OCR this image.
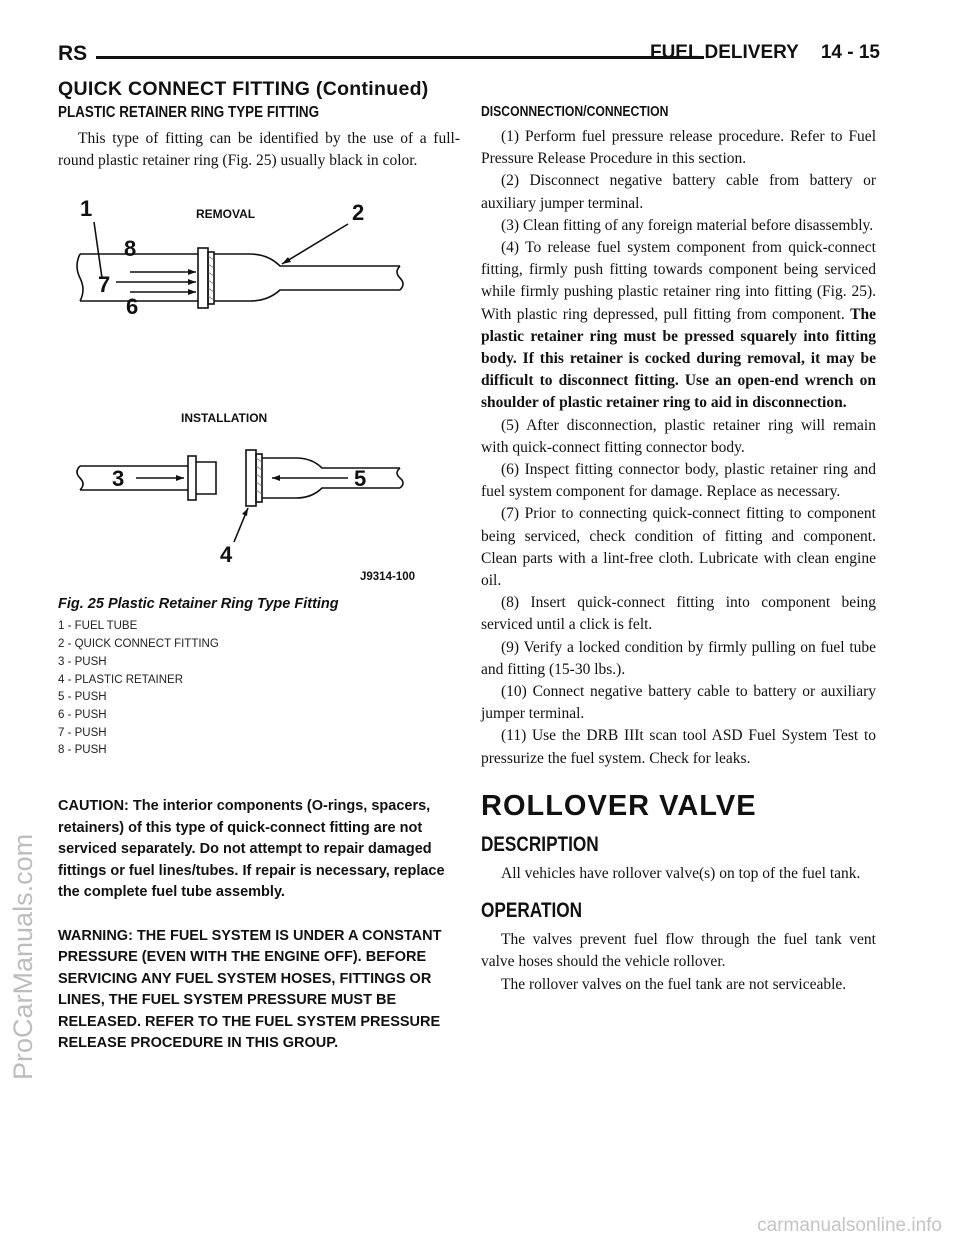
RS	FUEL DELIVERY 14 - 15
QUICK CONNECT FITTING (Continued)

PLASTIC RETAINER RING TYPE FITTING

This type of fitting can be identified by the use of a full-round plastic retainer ring (Fig. 25) usually black in color.

1	2
3
4
5
6
7
8
REMOVAL
INSTALLATION
J9314-100

Fig. 25 Plastic Retainer Ring Type Fitting

1 - FUEL TUBE
2 - QUICK CONNECT FITTING
3 - PUSH
4 - PLASTIC RETAINER
5 - PUSH
6 - PUSH
7 - PUSH
8 - PUSH

CAUTION: The interior components (O-rings, spacers, retainers) of this type of quick-connect fitting are not serviced separately. Do not attempt to repair damaged fittings or fuel lines/tubes. If repair is necessary, replace the complete fuel tube assembly.

WARNING: THE FUEL SYSTEM IS UNDER A CONSTANT PRESSURE (EVEN WITH THE ENGINE OFF). BEFORE SERVICING ANY FUEL SYSTEM HOSES, FITTINGS OR LINES, THE FUEL SYSTEM PRESSURE MUST BE RELEASED. REFER TO THE FUEL SYSTEM PRESSURE RELEASE PROCEDURE IN THIS GROUP.

DISCONNECTION/CONNECTION

(1) Perform fuel pressure release procedure. Refer to Fuel Pressure Release Procedure in this section.

(2) Disconnect negative battery cable from battery or auxiliary jumper terminal.

(3) Clean fitting of any foreign material before disassembly.

(4) To release fuel system component from quick-connect fitting, firmly push fitting towards component being serviced while firmly pushing plastic retainer ring into fitting (Fig. 25). With plastic ring depressed, pull fitting from component. The plastic retainer ring must be pressed squarely into fitting body. If this retainer is cocked during removal, it may be difficult to disconnect fitting. Use an open-end wrench on shoulder of plastic retainer ring to aid in disconnection.

(5) After disconnection, plastic retainer ring will remain with quick-connect fitting connector body.

(6) Inspect fitting connector body, plastic retainer ring and fuel system component for damage. Replace as necessary.

(7) Prior to connecting quick-connect fitting to component being serviced, check condition of fitting and component. Clean parts with a lint-free cloth. Lubricate with clean engine oil.

(8) Insert quick-connect fitting into component being serviced until a click is felt.

(9) Verify a locked condition by firmly pulling on fuel tube and fitting (15-30 lbs.).

(10) Connect negative battery cable to battery or auxiliary jumper terminal.

(11) Use the DRB IIIt scan tool ASD Fuel System Test to pressurize the fuel system. Check for leaks.

ROLLOVER VALVE

DESCRIPTION

All vehicles have rollover valve(s) on top of the fuel tank.

OPERATION

The valves prevent fuel flow through the fuel tank vent valve hoses should the vehicle rollover.

The rollover valves on the fuel tank are not serviceable.

ProCarManuals.com
carmanualsonline.info
